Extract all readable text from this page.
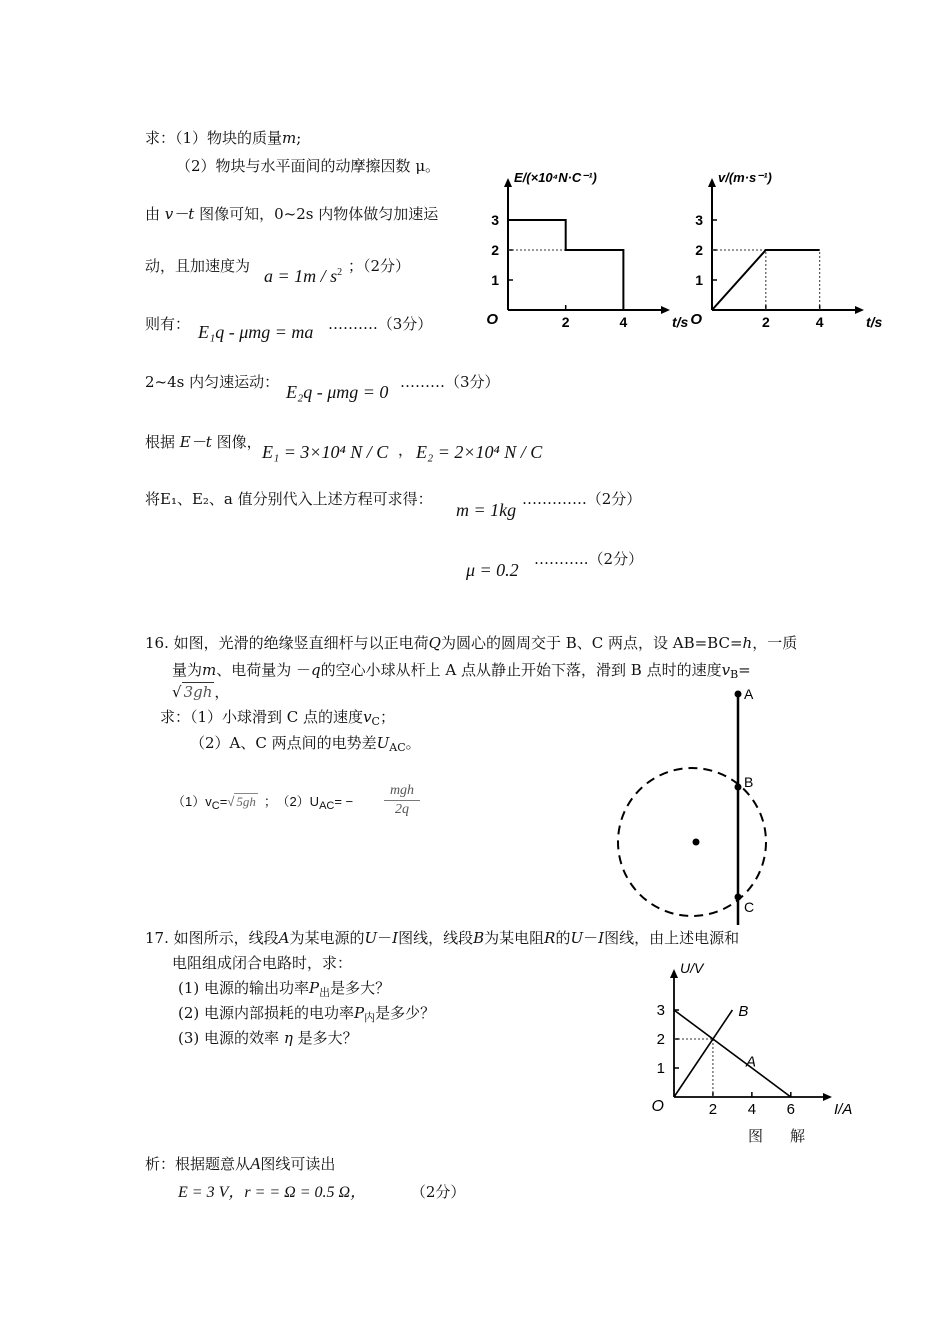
求：（1）物块的质量m;
（2）物块与水平面间的动摩擦因数 μ。
由 v－t 图像可知，0~2s 内物体做匀加速运
动，且加速度为 $a = 1m / s^2$ ；（2分）
则有： E₁q - μmg = ma ……….（3分）
2~4s 内匀速运动： E₂q - μmg = 0 ………（3分）
根据 E－t 图像， E₁ = 3×10⁴ N / C ， E₂ = 2×10⁴ N / C
将E₁、E₂、a 值分别代入上述方程可求得：
m = 1kg
………….（2分）
μ = 0.2
………..（2分）
2	4
1
2
3
O
E/(×10⁴N·C⁻¹)
t/s	2	4
1
2
3
O
v/(m·s⁻¹)
t/s
16. 如图，光滑的绝缘竖直细杆与以正电荷Q为圆心的圆周交于 B、C 两点，设 AB=BC=h，一质
量为m、电荷量为 －q的空心小球从杆上 A 点从静止开始下落，滑到 B 点时的速度$v_B=$
√ 3gh ，
求：（1）小球滑到 C 点的速度$v_C$；
（2）A、C 两点间的电势差$U_{AC}$。
$(1)v_C=√$ 5gh ； $(2)U_{AC}=$ −
mgh
2q
A
B
C
17. 如图所示，线段A为某电源的U－I图线，线段B为某电阻R的U－I图线，由上述电源和
电阻组成闭合电路时，求：
(1) 电源的输出功率$P_出$是多大？
(2) 电源内部损耗的电功率$P_内$是多少？
(3) 电源的效率 η 是多大？
2 4 6
1
2
3
O
U/V
I/A
B
A
图　解
析：根据题意从A图线可读出
E = 3 V，r = = Ω = 0.5 Ω，	（2分）
